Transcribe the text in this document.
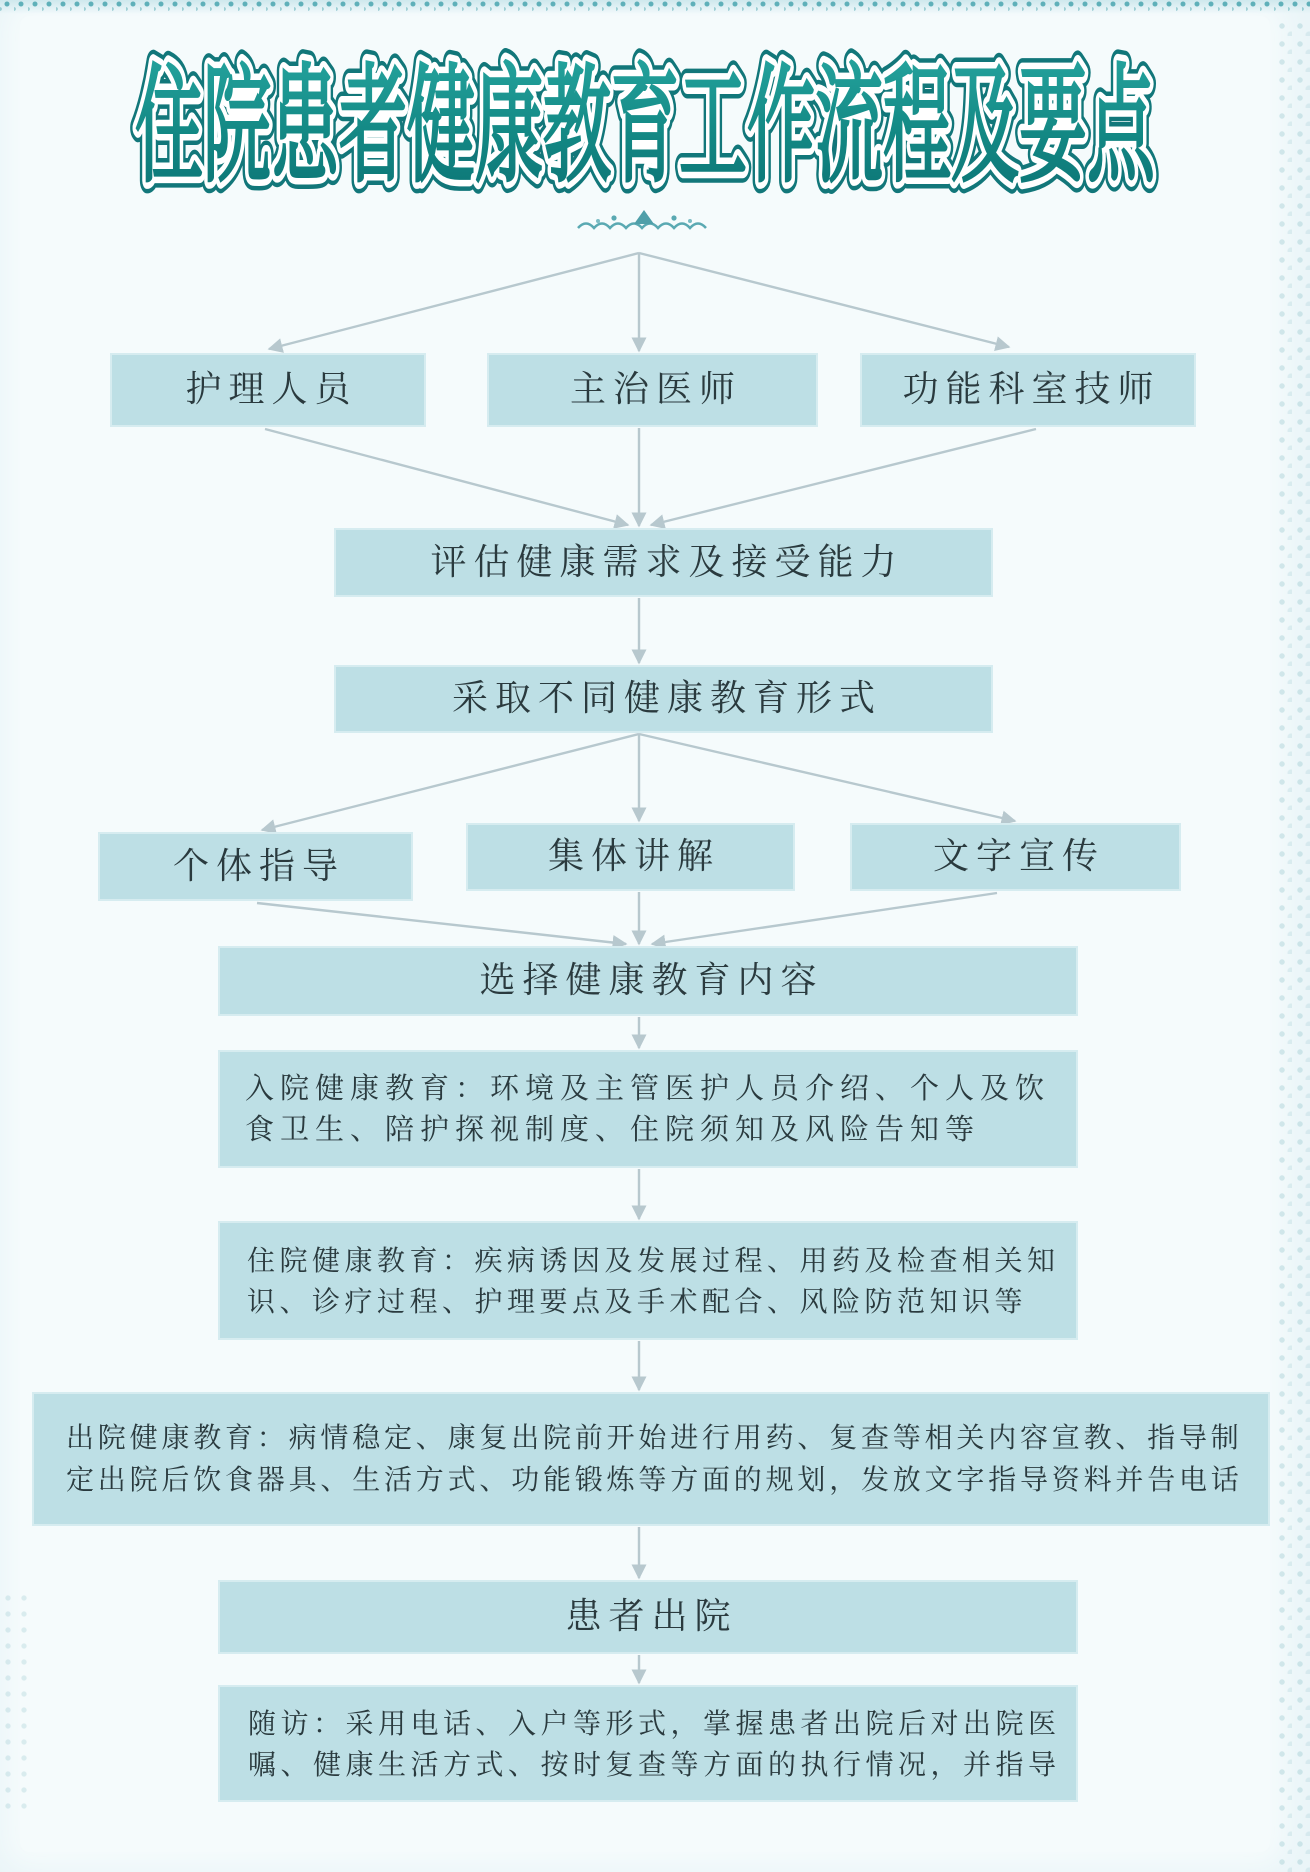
住院患者健康教育工作流程及要点
住院患者健康教育工作流程及要点
护理人员	主治医师	功能科室技师
评估健康需求及接受能力
采取不同健康教育形式
个体指导	集体讲解	文字宣传
选择健康教育内容
入院健康教育：环境及主管医护人员介绍、个人及饮
食卫生、陪护探视制度、住院须知及风险告知等
住院健康教育：疾病诱因及发展过程、用药及检查相关知
识、诊疗过程、护理要点及手术配合、风险防范知识等
出院健康教育：病情稳定、康复出院前开始进行用药、复查等相关内容宣教、指导制
定出院后饮食器具、生活方式、功能锻炼等方面的规划，发放文字指导资料并告电话
患者出院
随访：采用电话、入户等形式，掌握患者出院后对出院医
嘱、健康生活方式、按时复查等方面的执行情况，并指导
